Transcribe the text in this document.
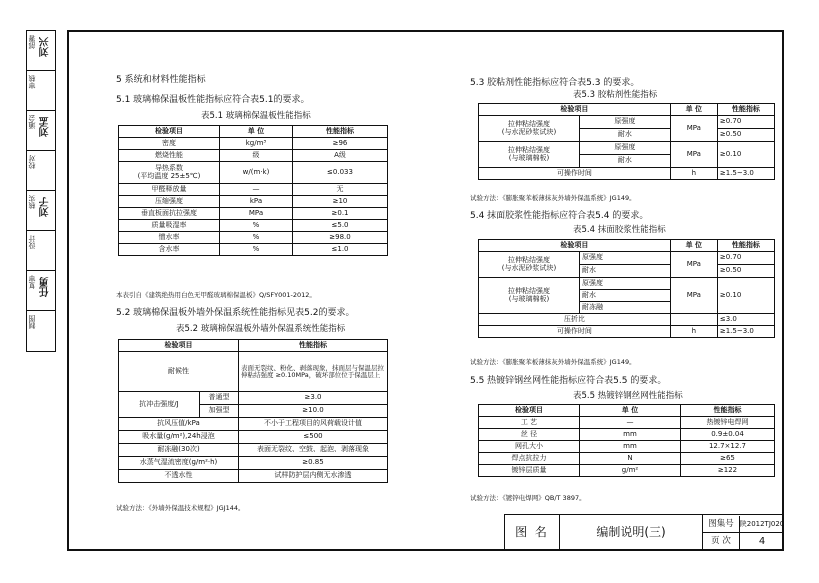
部署 刘兴
审核
通会 刘孟
校对
核实 刘子
设计
复审 任勇
制图
5 系统和材料性能指标
5.1 玻璃棉保温板性能指标应符合表5.1的要求。
表5.1 玻璃棉保温板性能指标
检验项目	单 位	性能指标
密度	kg/m³	≥96
燃烧性能	级	A级
导热系数
(平均温度 25±5℃)	w/(m·k)	≤0.033
甲醛释放量	—	无
压缩强度	kPa	≥10
垂直板面抗拉强度	MPa	≥0.1
质量吸湿率	%	≤5.0
憎水率	%	≥98.0
含水率	%	≤1.0
本表引自《建筑绝热用白色无甲醛玻璃棉保温板》Q/SFY001-2012。
5.2 玻璃棉保温板外墙外保温系统性能指标见表5.2的要求。
表5.2 玻璃棉保温板外墙外保温系统性能指标
检验项目		性能指标
耐候性		表面无裂纹、粉化、剥落现象，抹面层与保温层拉伸粘结强度 ≥0.10MPa，破坏部位位于保温层上
抗冲击强度/J	普通型	≥3.0
	加强型	≥10.0
抗风压值/kPa		不小于工程项目的风荷载设计值
吸水量(g/m²),24h浸泡		≤500
耐冻融(30次)		表面无裂纹、空鼓、起泡、剥落现象
水蒸气湿流密度(g/m²·h)		≥0.85
不透水性		试样防护层内侧无水渗透
试验方法：《外墙外保温技术规程》JGJ144。
5.3 胶粘剂性能指标应符合表5.3 的要求。
表5.3 胶粘剂性能指标
检验项目		单 位	性能指标
拉伸粘结强度
(与水泥砂浆试块)	原强度	MPa	≥0.70
	耐水		≥0.50
拉伸粘结强度
(与玻璃棉板)	原强度	MPa	≥0.10
	耐水		
可操作时间		h	≥1.5~3.0
试验方法：《膨胀聚苯板薄抹灰外墙外保温系统》JG149。
5.4 抹面胶浆性能指标应符合表5.4 的要求。
表5.4 抹面胶浆性能指标
检验项目		单 位	性能指标
拉伸粘结强度
(与水泥砂浆试块)	原强度	MPa	≥0.70
	耐水		≥0.50
拉伸粘结强度
(与玻璃棉板)	原强度	MPa	≥0.10
	耐水		
	耐冻融		
压折比			≤3.0
可操作时间		h	≥1.5~3.0
试验方法：《膨胀聚苯板薄抹灰外墙外保温系统》JG149。
5.5 热镀锌钢丝网性能指标应符合表5.5 的要求。
表5.5 热镀锌钢丝网性能指标
检验项目	单 位	性能指标
工 艺	—	热镀锌电焊网
丝 径	mm	0.9±0.04
网孔大小	mm	12.7×12.7
焊点抗拉力	N	≥65
镀锌层质量	g/m²	≥122
试验方法：《镀锌电焊网》QB/T 3897。
图 名	编制说明(三)
图集号 陕2012TJ020
页 次	4
